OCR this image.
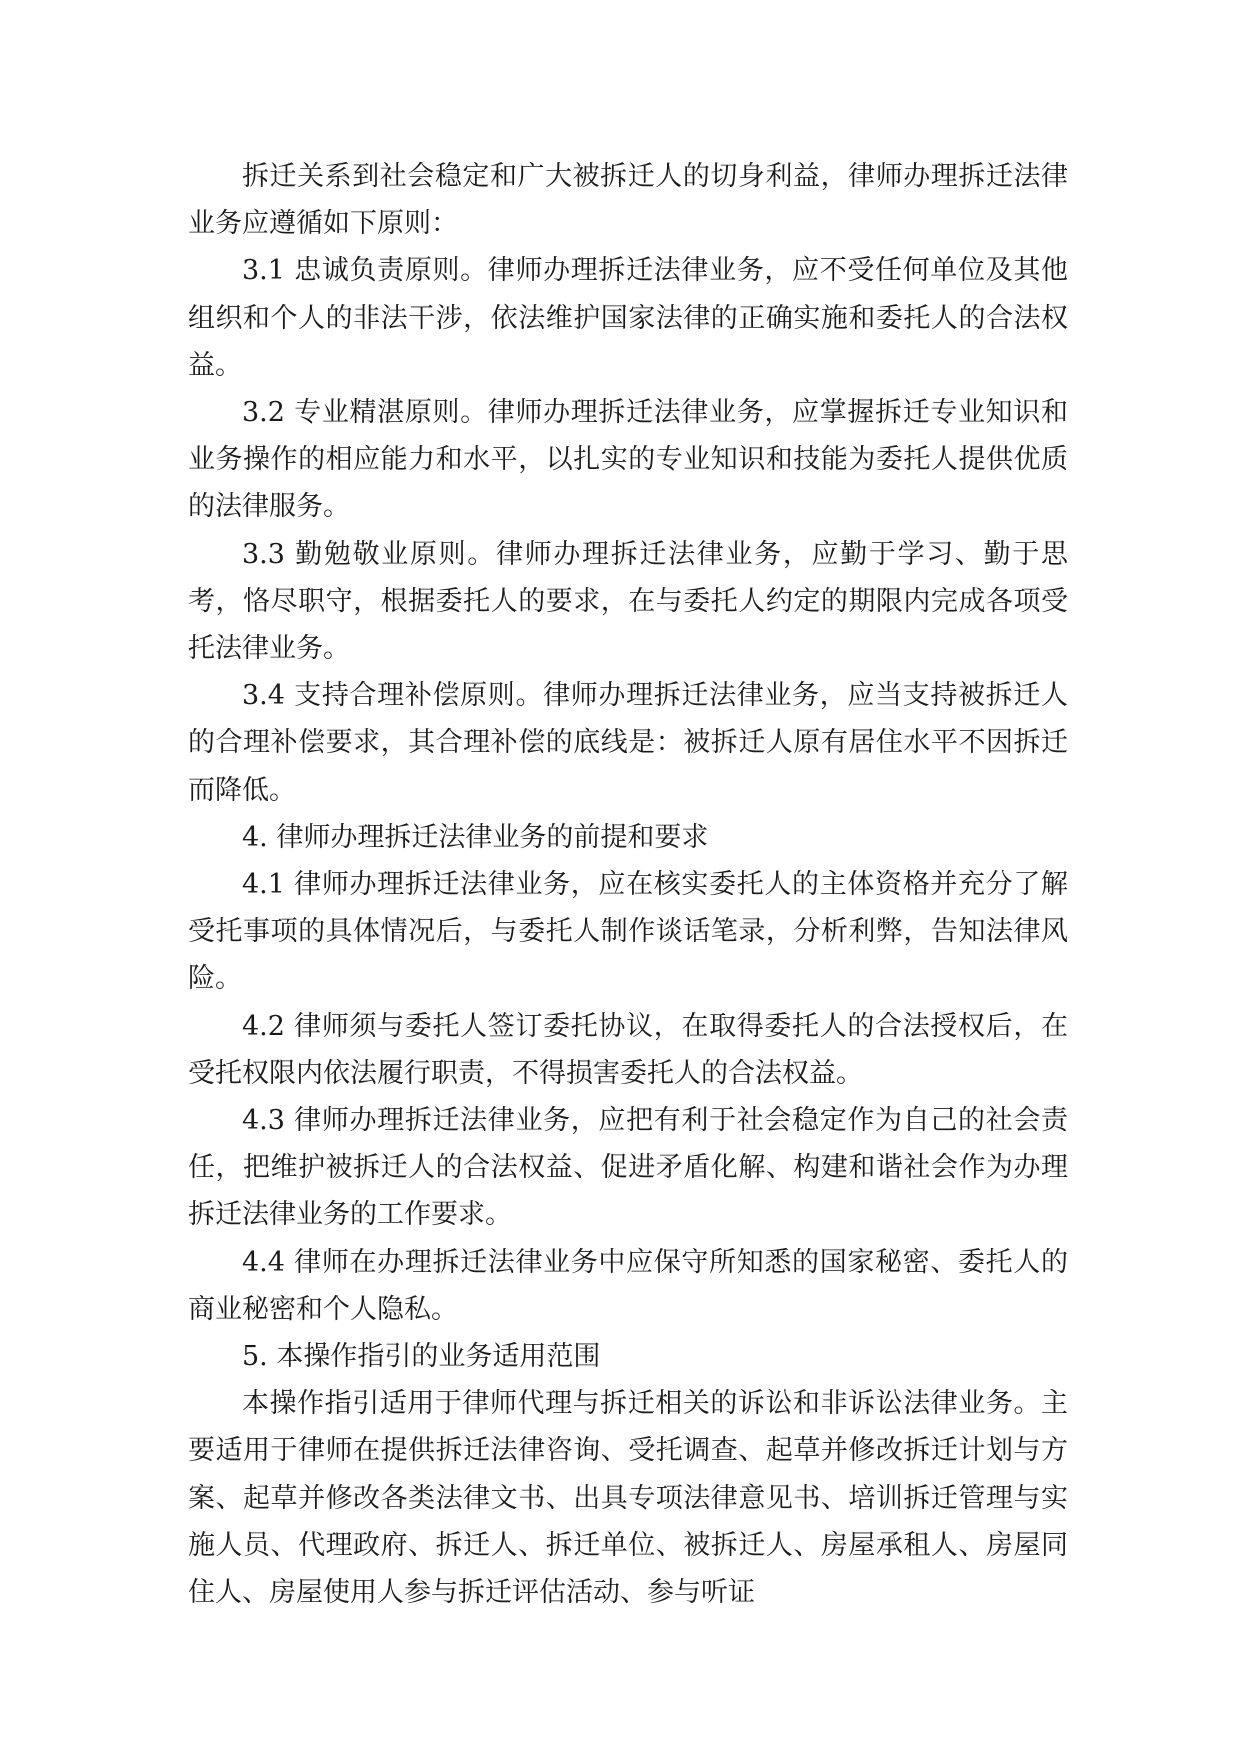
拆迁关系到社会稳定和广大被拆迁人的切身利益，律师办理拆迁法律业务应遵循如下原则：

3.1 忠诚负责原则。律师办理拆迁法律业务，应不受任何单位及其他组织和个人的非法干涉，依法维护国家法律的正确实施和委托人的合法权益。

3.2 专业精湛原则。律师办理拆迁法律业务，应掌握拆迁专业知识和业务操作的相应能力和水平，以扎实的专业知识和技能为委托人提供优质的法律服务。

3.3 勤勉敬业原则。律师办理拆迁法律业务，应勤于学习、勤于思考，恪尽职守，根据委托人的要求，在与委托人约定的期限内完成各项受托法律业务。

3.4 支持合理补偿原则。律师办理拆迁法律业务，应当支持被拆迁人的合理补偿要求，其合理补偿的底线是：被拆迁人原有居住水平不因拆迁而降低。

4. 律师办理拆迁法律业务的前提和要求

4.1 律师办理拆迁法律业务，应在核实委托人的主体资格并充分了解受托事项的具体情况后，与委托人制作谈话笔录，分析利弊，告知法律风险。

4.2 律师须与委托人签订委托协议，在取得委托人的合法授权后，在受托权限内依法履行职责，不得损害委托人的合法权益。

4.3 律师办理拆迁法律业务，应把有利于社会稳定作为自己的社会责任，把维护被拆迁人的合法权益、促进矛盾化解、构建和谐社会作为办理拆迁法律业务的工作要求。

4.4 律师在办理拆迁法律业务中应保守所知悉的国家秘密、委托人的商业秘密和个人隐私。

5. 本操作指引的业务适用范围

本操作指引适用于律师代理与拆迁相关的诉讼和非诉讼法律业务。主要适用于律师在提供拆迁法律咨询、受托调查、起草并修改拆迁计划与方案、起草并修改各类法律文书、出具专项法律意见书、培训拆迁管理与实施人员、代理政府、拆迁人、拆迁单位、被拆迁人、房屋承租人、房屋同住人、房屋使用人参与拆迁评估活动、参与听证
